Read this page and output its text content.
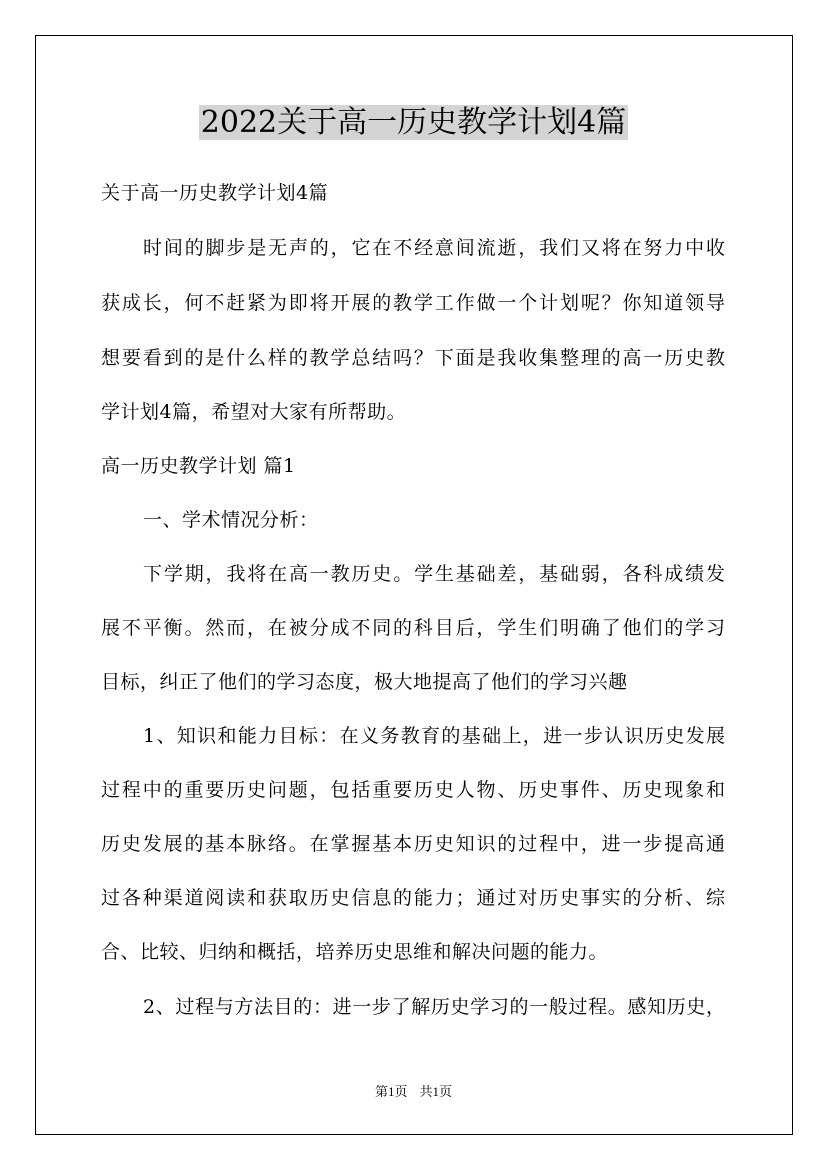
2022关于高一历史教学计划4篇
关于高一历史教学计划4篇
时间的脚步是无声的，它在不经意间流逝，我们又将在努力中收
获成长，何不赶紧为即将开展的教学工作做一个计划呢？你知道领导
想要看到的是什么样的教学总结吗？下面是我收集整理的高一历史教
学计划4篇，希望对大家有所帮助。
高一历史教学计划 篇1
一、学术情况分析：
下学期，我将在高一教历史。学生基础差，基础弱，各科成绩发
展不平衡。然而，在被分成不同的科目后，学生们明确了他们的学习
目标，纠正了他们的学习态度，极大地提高了他们的学习兴趣
1、知识和能力目标：在义务教育的基础上，进一步认识历史发展
过程中的重要历史问题，包括重要历史人物、历史事件、历史现象和
历史发展的基本脉络。在掌握基本历史知识的过程中，进一步提高通
过各种渠道阅读和获取历史信息的能力；通过对历史事实的分析、综
合、比较、归纳和概括，培养历史思维和解决问题的能力。
2、过程与方法目的：进一步了解历史学习的一般过程。感知历史，
第1页 共1页
